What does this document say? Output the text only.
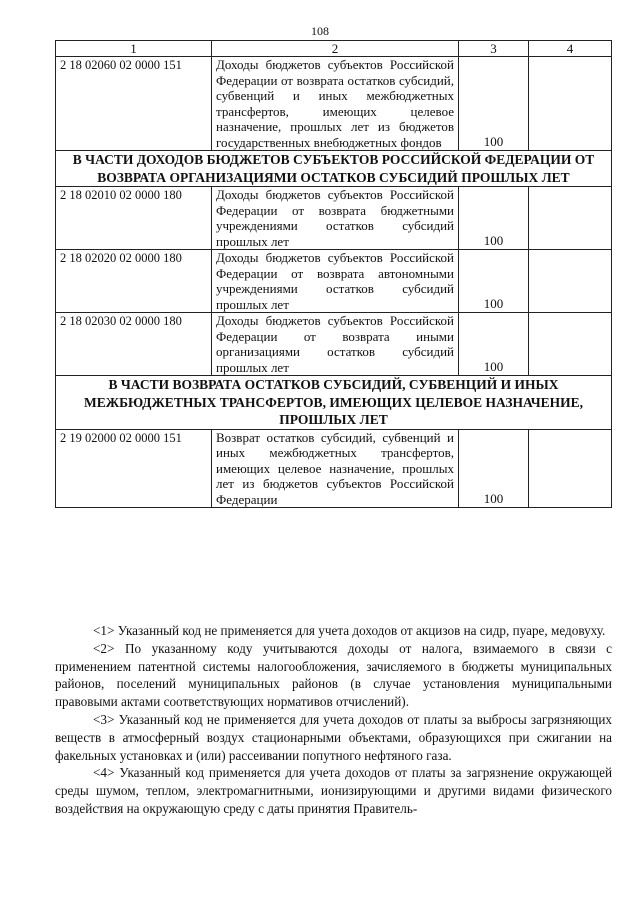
108
1	2	3	4
2 18 02060 02 0000 151	Доходы бюджетов субъектов Российской Федерации от возврата остатков субсидий, субвенций и иных межбюджетных трансфертов, имеющих целевое назначение, прошлых лет из бюджетов государственных внебюджетных фондов	100	
В ЧАСТИ ДОХОДОВ БЮДЖЕТОВ СУБЪЕКТОВ РОССИЙСКОЙ ФЕДЕРАЦИИ ОТ ВОЗВРАТА ОРГАНИЗАЦИЯМИ ОСТАТКОВ СУБСИДИЙ ПРОШЛЫХ ЛЕТ			
2 18 02010 02 0000 180	Доходы бюджетов субъектов Российской Федерации от возврата бюджетными учреждениями остатков субсидий прошлых лет	100	
2 18 02020 02 0000 180	Доходы бюджетов субъектов Российской Федерации от возврата автономными учреждениями остатков субсидий прошлых лет	100	
2 18 02030 02 0000 180	Доходы бюджетов субъектов Российской Федерации от возврата иными организациями остатков субсидий прошлых лет	100	
В ЧАСТИ ВОЗВРАТА ОСТАТКОВ СУБСИДИЙ, СУБВЕНЦИЙ И ИНЫХ МЕЖБЮДЖЕТНЫХ ТРАНСФЕРТОВ, ИМЕЮЩИХ ЦЕЛЕВОЕ НАЗНАЧЕНИЕ, ПРОШЛЫХ ЛЕТ			
2 19 02000 02 0000 151	Возврат остатков субсидий, субвенций и иных межбюджетных трансфертов, имеющих целевое назначение, прошлых лет из бюджетов субъектов Российской Федерации	100	

<1> Указанный код не применяется для учета доходов от акцизов на сидр, пуаре, медовуху.

<2> По указанному коду учитываются доходы от налога, взимаемого в связи с применением патентной системы налогообложения, зачисляемого в бюджеты муниципальных районов, поселений муниципальных районов (в случае установления муниципальными правовыми актами соответствующих нормативов отчислений).

<3> Указанный код не применяется для учета доходов от платы за выбросы загрязняющих веществ в атмосферный воздух стационарными объектами, образующихся при сжигании на факельных установках и (или) рассеивании попутного нефтяного газа.

<4> Указанный код применяется для учета доходов от платы за загрязнение окружающей среды шумом, теплом, электромагнитными, ионизирующими и другими видами физического воздействия на окружающую среду с даты принятия Правитель-
